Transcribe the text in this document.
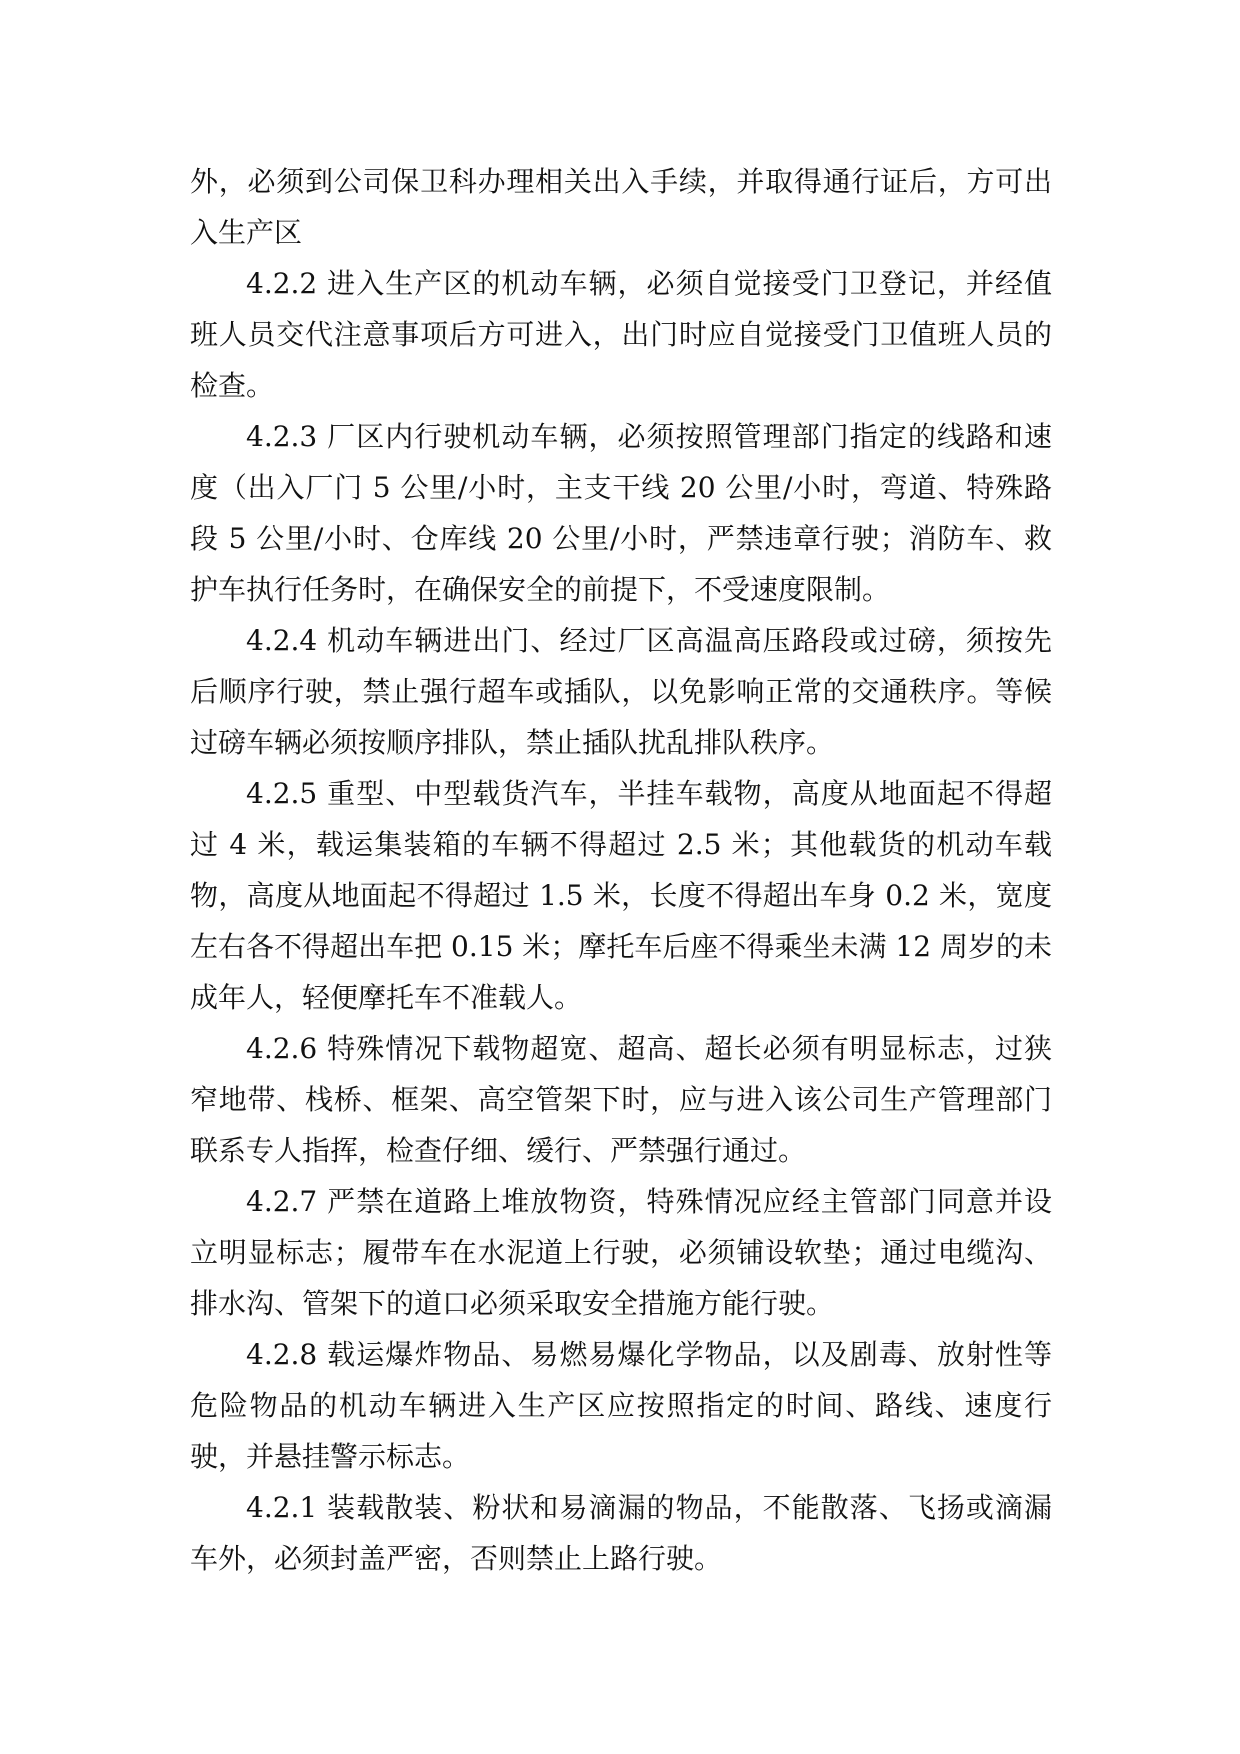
外，必须到公司保卫科办理相关出入手续，并取得通行证后，方可出入生产区

4.2.2 进入生产区的机动车辆，必须自觉接受门卫登记，并经值班人员交代注意事项后方可进入，出门时应自觉接受门卫值班人员的检查。

4.2.3 厂区内行驶机动车辆，必须按照管理部门指定的线路和速度（出入厂门 5 公里/小时，主支干线 20 公里/小时，弯道、特殊路段 5 公里/小时、仓库线 20 公里/小时，严禁违章行驶；消防车、救护车执行任务时，在确保安全的前提下，不受速度限制。

4.2.4 机动车辆进出门、经过厂区高温高压路段或过磅，须按先后顺序行驶，禁止强行超车或插队，以免影响正常的交通秩序。等候过磅车辆必须按顺序排队，禁止插队扰乱排队秩序。

4.2.5 重型、中型载货汽车，半挂车载物，高度从地面起不得超过 4 米，载运集装箱的车辆不得超过 2.5 米；其他载货的机动车载物，高度从地面起不得超过 1.5 米，长度不得超出车身 0.2 米，宽度左右各不得超出车把 0.15 米；摩托车后座不得乘坐未满 12 周岁的未成年人，轻便摩托车不准载人。

4.2.6 特殊情况下载物超宽、超高、超长必须有明显标志，过狭窄地带、栈桥、框架、高空管架下时，应与进入该公司生产管理部门联系专人指挥，检查仔细、缓行、严禁强行通过。

4.2.7 严禁在道路上堆放物资，特殊情况应经主管部门同意并设立明显标志；履带车在水泥道上行驶，必须铺设软垫；通过电缆沟、排水沟、管架下的道口必须采取安全措施方能行驶。

4.2.8 载运爆炸物品、易燃易爆化学物品，以及剧毒、放射性等危险物品的机动车辆进入生产区应按照指定的时间、路线、速度行驶，并悬挂警示标志。

4.2.1 装载散装、粉状和易滴漏的物品，不能散落、飞扬或滴漏车外，必须封盖严密，否则禁止上路行驶。
